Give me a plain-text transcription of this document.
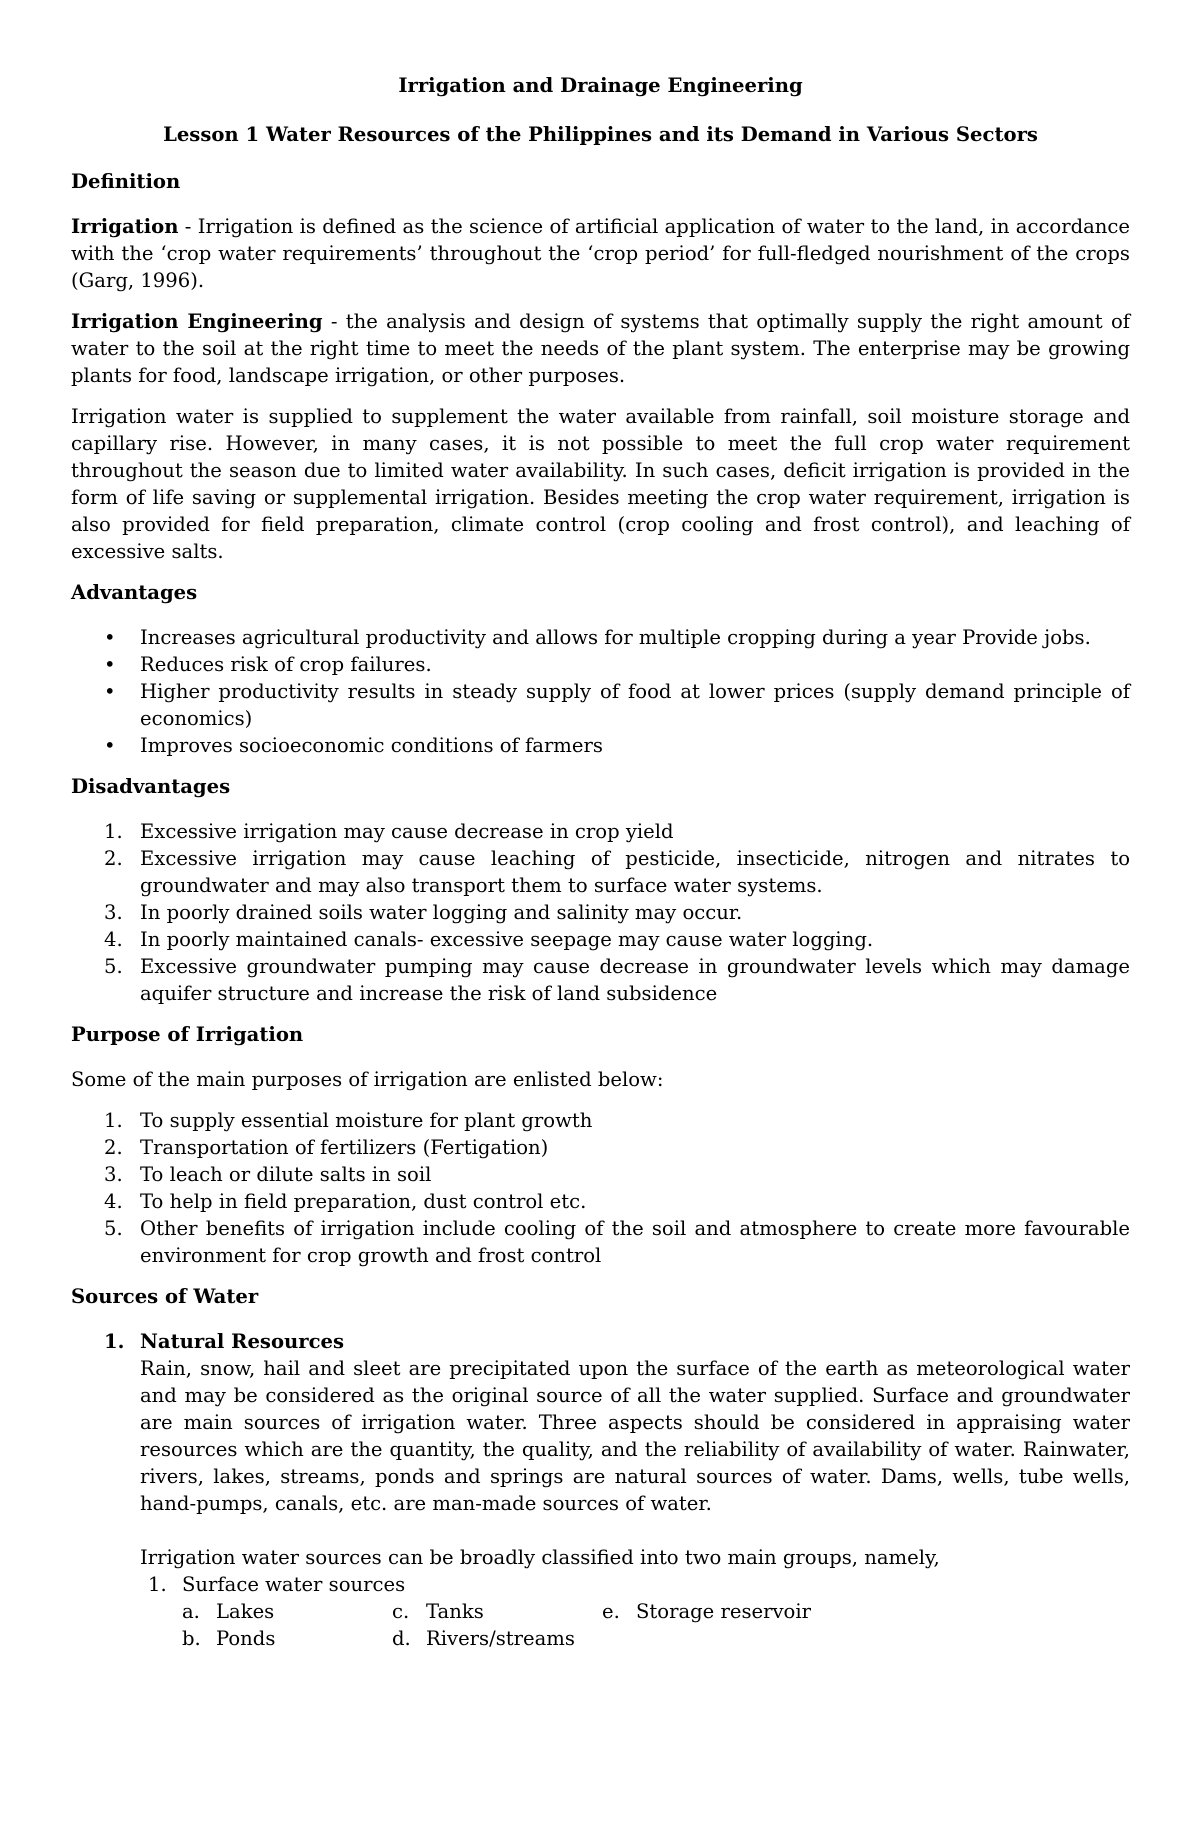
Irrigation and Drainage Engineering
Lesson 1 Water Resources of the Philippines and its Demand in Various Sectors
Definition

Irrigation - Irrigation is defined as the science of artificial application of water to the land, in accordance with the ‘crop water requirements’ throughout the ‘crop period’ for full-fledged nourishment of the crops (Garg, 1996).

Irrigation Engineering - the analysis and design of systems that optimally supply the right amount of water to the soil at the right time to meet the needs of the plant system. The enterprise may be growing plants for food, landscape irrigation, or other purposes.

Irrigation water is supplied to supplement the water available from rainfall, soil moisture storage and capillary rise. However, in many cases, it is not possible to meet the full crop water requirement throughout the season due to limited water availability. In such cases, deficit irrigation is provided in the form of life saving or supplemental irrigation. Besides meeting the crop water requirement, irrigation is also provided for field preparation, climate control (crop cooling and frost control), and leaching of excessive salts.

Advantages
• Increases agricultural productivity and allows for multiple cropping during a year Provide jobs.
• Reduces risk of crop failures.
• Higher productivity results in steady supply of food at lower prices (supply demand principle of economics)
• Improves socioeconomic conditions of farmers
Disadvantages
1. Excessive irrigation may cause decrease in crop yield
2. Excessive irrigation may cause leaching of pesticide, insecticide, nitrogen and nitrates to groundwater and may also transport them to surface water systems.
3. In poorly drained soils water logging and salinity may occur.
4. In poorly maintained canals- excessive seepage may cause water logging.
5. Excessive groundwater pumping may cause decrease in groundwater levels which may damage aquifer structure and increase the risk of land subsidence
Purpose of Irrigation

Some of the main purposes of irrigation are enlisted below:

1. To supply essential moisture for plant growth
2. Transportation of fertilizers (Fertigation)
3. To leach or dilute salts in soil
4. To help in field preparation, dust control etc.
5. Other benefits of irrigation include cooling of the soil and atmosphere to create more favourable environment for crop growth and frost control
Sources of Water
1. Natural Resources
Rain, snow, hail and sleet are precipitated upon the surface of the earth as meteorological water and may be considered as the original source of all the water supplied. Surface and groundwater are main sources of irrigation water. Three aspects should be considered in appraising water resources which are the quantity, the quality, and the reliability of availability of water. Rainwater, rivers, lakes, streams, ponds and springs are natural sources of water. Dams, wells, tube wells, hand-pumps, canals, etc. are man-made sources of water.
Irrigation water sources can be broadly classified into two main groups, namely,
1. Surface water sources
a. Lakes	c. Tanks	e. Storage reservoir
b. Ponds	d. Rivers/streams
